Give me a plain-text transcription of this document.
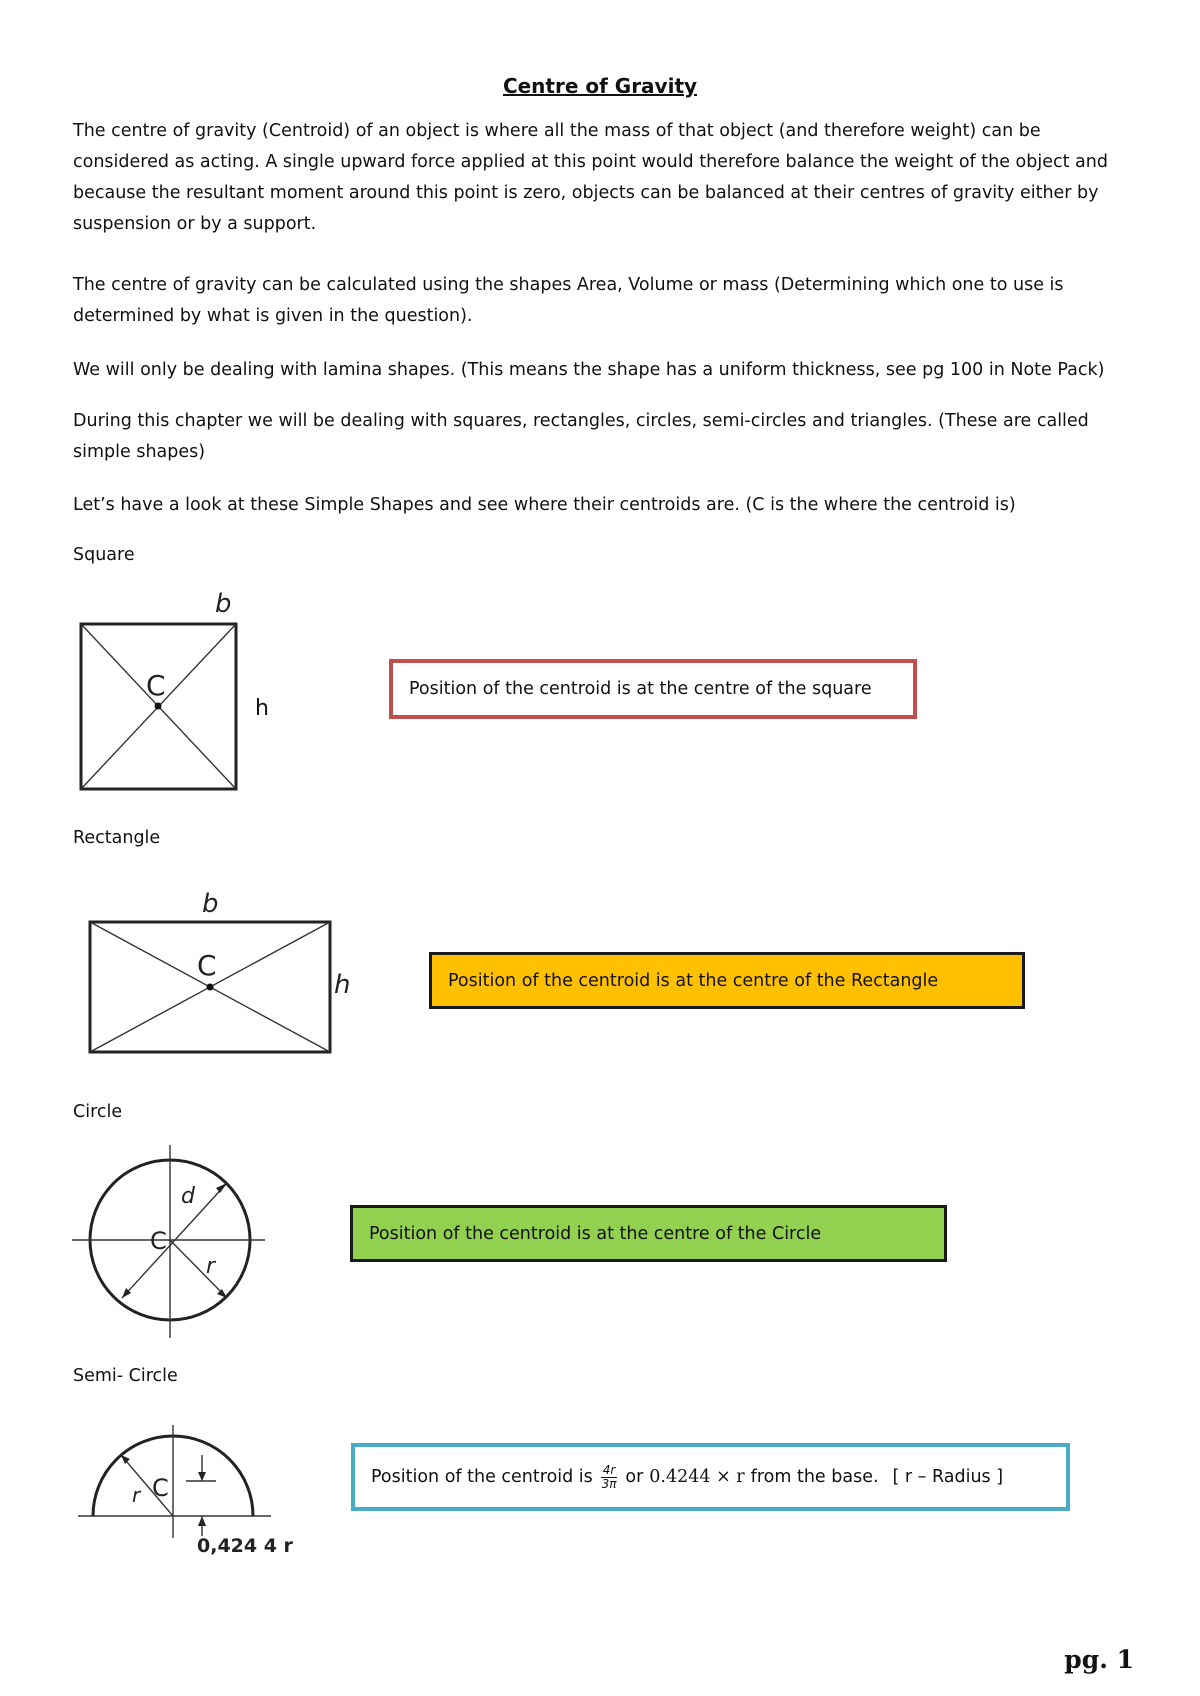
Centre of Gravity

The centre of gravity (Centroid) of an object is where all the mass of that object (and therefore weight) can be considered as acting. A single upward force applied at this point would therefore balance the weight of the object and because the resultant moment around this point is zero, objects can be balanced at their centres of gravity either by suspension or by a support.

The centre of gravity can be calculated using the shapes Area, Volume or mass (Determining which one to use is determined by what is given in the question).

We will only be dealing with lamina shapes. (This means the shape has a uniform thickness, see pg 100 in Note Pack)

During this chapter we will be dealing with squares, rectangles, circles, semi-circles and triangles. (These are called simple shapes)

Let’s have a look at these Simple Shapes and see where their centroids are. (C is the where the centroid is)

Square
b
C
h
Position of the centroid is at the centre of the square
Rectangle
b
C
h	Position of the centroid is at the centre of the Rectangle
Circle
C
d
r
Position of the centroid is at the centre of the Circle
Semi- Circle
C
r
0,424 4 r
Position of the centroid is $\frac{4r}{3\pi}$ or 0.4244 × r from the base. [ r – Radius ]
pg. 1
